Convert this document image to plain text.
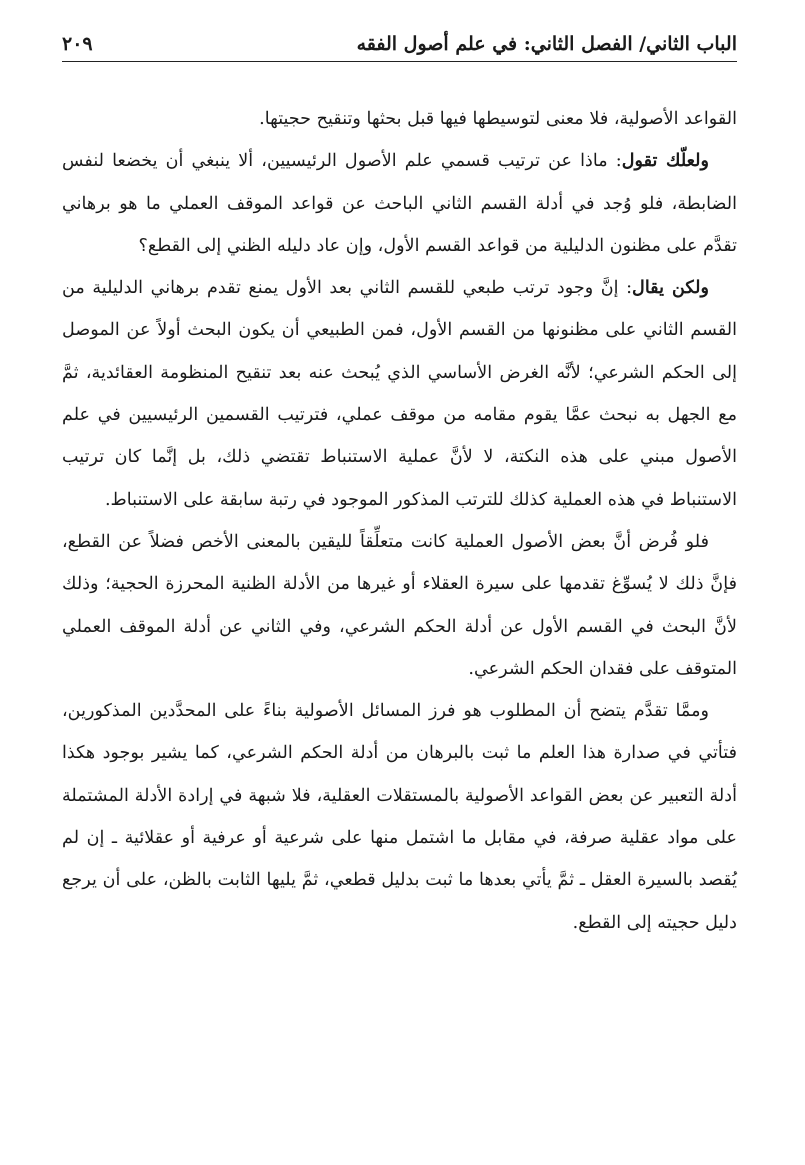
الباب الثاني/ الفصل الثاني: في علم أصول الفقه
٢٠٩

القواعد الأصولية، فلا معنى لتوسيطها فيها قبل بحثها وتنقيح حجيتها.

ولعلّك تقول: ماذا عن ترتيب قسمي علم الأصول الرئيسيين، ألا ينبغي أن يخضعا لنفس الضابطة، فلو وُجد في أدلة القسم الثاني الباحث عن قواعد الموقف العملي ما هو برهاني تقدَّم على مظنون الدليلية من قواعد القسم الأول، وإن عاد دليله الظني إلى القطع؟

ولكن يقال: إنَّ وجود ترتب طبعي للقسم الثاني بعد الأول يمنع تقدم برهاني الدليلية من القسم الثاني على مظنونها من القسم الأول، فمن الطبيعي أن يكون البحث أولاً عن الموصل إلى الحكم الشرعي؛ لأنَّه الغرض الأساسي الذي يُبحث عنه بعد تنقيح المنظومة العقائدية، ثمَّ مع الجهل به نبحث عمَّا يقوم مقامه من موقف عملي، فترتيب القسمين الرئيسيين في علم الأصول مبني على هذه النكتة، لا لأنَّ عملية الاستنباط تقتضي ذلك، بل إنَّما كان ترتيب الاستنباط في هذه العملية كذلك للترتب المذكور الموجود في رتبة سابقة على الاستنباط.

فلو فُرض أنَّ بعض الأصول العملية كانت متعلِّقاً لليقين بالمعنى الأخص فضلاً عن القطع، فإنَّ ذلك لا يُسوِّغ تقدمها على سيرة العقلاء أو غيرها من الأدلة الظنية المحرزة الحجية؛ وذلك لأنَّ البحث في القسم الأول عن أدلة الحكم الشرعي، وفي الثاني عن أدلة الموقف العملي المتوقف على فقدان الحكم الشرعي.

وممَّا تقدَّم يتضح أن المطلوب هو فرز المسائل الأصولية بناءً على المحدَّدين المذكورين، فتأتي في صدارة هذا العلم ما ثبت بالبرهان من أدلة الحكم الشرعي، كما يشير بوجود هكذا أدلة التعبير عن بعض القواعد الأصولية بالمستقلات العقلية، فلا شبهة في إرادة الأدلة المشتملة على مواد عقلية صرفة، في مقابل ما اشتمل منها على شرعية أو عرفية أو عقلائية ـ إن لم يُقصد بالسيرة العقل ـ ثمَّ يأتي بعدها ما ثبت بدليل قطعي، ثمَّ يليها الثابت بالظن، على أن يرجع دليل حجيته إلى القطع.
